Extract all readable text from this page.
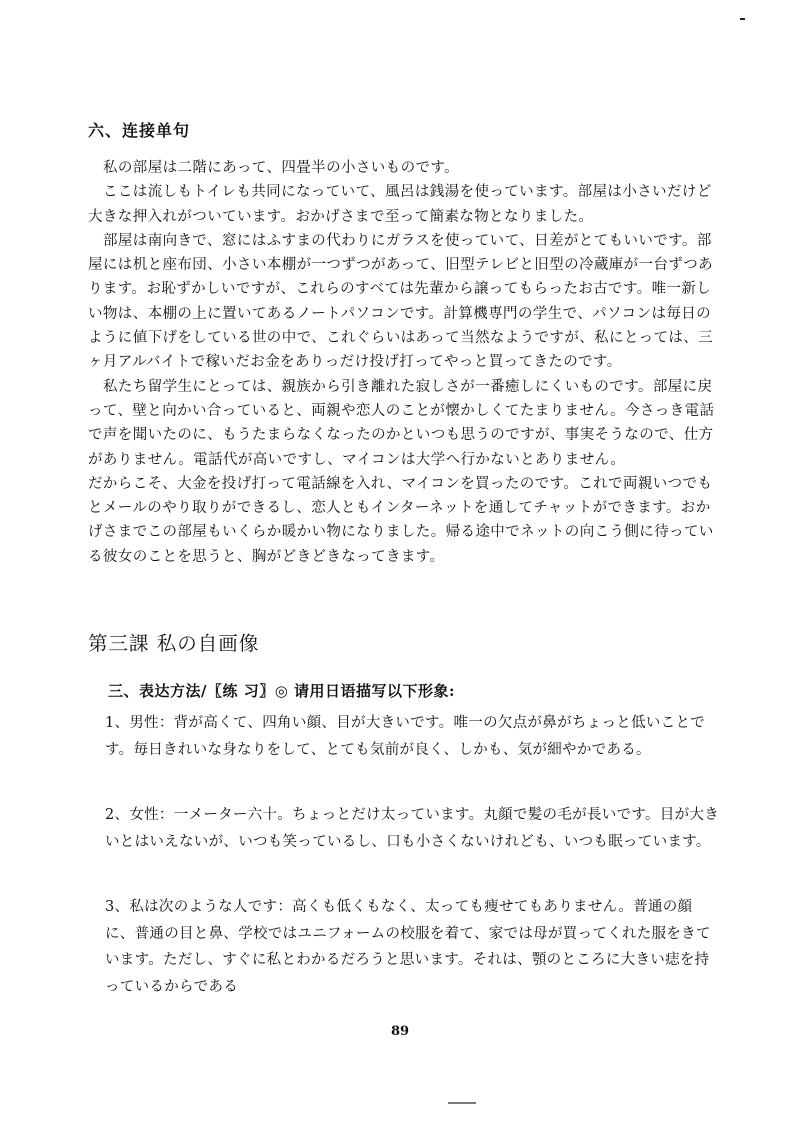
六、连接单句

私の部屋は二階にあって、四畳半の小さいものです。

ここは流しもトイレも共同になっていて、風呂は銭湯を使っています。部屋は小さいだけど大きな押入れがついています。おかげさまで至って簡素な物となりました。

部屋は南向きで、窓にはふすまの代わりにガラスを使っていて、日差がとてもいいです。部屋には机と座布団、小さい本棚が一つずつがあって、旧型テレビと旧型の冷蔵庫が一台ずつあります。お恥ずかしいですが、これらのすべては先輩から譲ってもらったお古です。唯一新しい物は、本棚の上に置いてあるノートパソコンです。計算機専門の学生で、パソコンは毎日のように値下げをしている世の中で、これぐらいはあって当然なようですが、私にとっては、三ヶ月アルバイトで稼いだお金をありっだけ投げ打ってやっと買ってきたのです。

私たち留学生にとっては、親族から引き離れた寂しさが一番癒しにくいものです。部屋に戻って、壁と向かい合っていると、両親や恋人のことが懐かしくてたまりません。今さっき電話で声を聞いたのに、もうたまらなくなったのかといつも思うのですが、事実そうなので、仕方がありません。電話代が高いですし、マイコンは大学へ行かないとありません。

だからこそ、大金を投げ打って電話線を入れ、マイコンを買ったのです。これで両親いつでもとメールのやり取りができるし、恋人ともインターネットを通してチャットができます。おかげさまでこの部屋もいくらか暖かい物になりました。帰る途中でネットの向こう側に待っている彼女のことを思うと、胸がどきどきなってきます。

第三課 私の自画像
三、表达方法/〖练 习〗◎ 请用日语描写以下形象:

1、男性：背が高くて、四角い顔、目が大きいです。唯一の欠点が鼻がちょっと低いことです。毎日きれいな身なりをして、とても気前が良く、しかも、気が細やかである。

2、女性：一メーター六十。ちょっとだけ太っています。丸顔で髪の毛が長いです。目が大きいとはいえないが、いつも笑っているし、口も小さくないけれども、いつも眠っています。

3、私は次のような人です：高くも低くもなく、太っても痩せてもありません。普通の顔に、普通の目と鼻、学校ではユニフォームの校服を着て、家では母が買ってくれた服をきています。ただし、すぐに私とわかるだろうと思います。それは、顎のところに大きい痣を持っているからである

89
